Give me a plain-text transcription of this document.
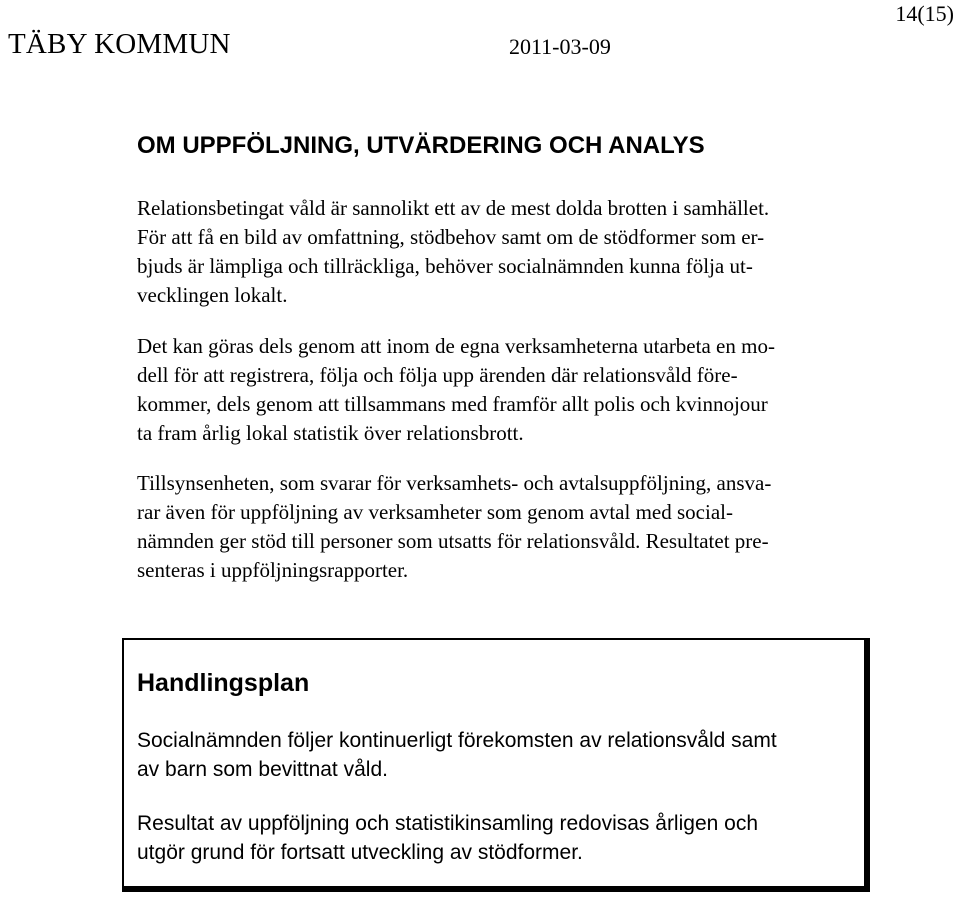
TÄBY KOMMUN	2011-03-09
14(15)
OM UPPFÖLJNING, UTVÄRDERING OCH ANALYS

Relationsbetingat våld är sannolikt ett av de mest dolda brotten i samhället.
För att få en bild av omfattning, stödbehov samt om de stödformer som er-
bjuds är lämpliga och tillräckliga, behöver socialnämnden kunna följa ut-
vecklingen lokalt.

Det kan göras dels genom att inom de egna verksamheterna utarbeta en mo-
dell för att registrera, följa och följa upp ärenden där relationsvåld före-
kommer, dels genom att tillsammans med framför allt polis och kvinnojour
ta fram årlig lokal statistik över relationsbrott.

Tillsynsenheten, som svarar för verksamhets- och avtalsuppföljning, ansva-
rar även för uppföljning av verksamheter som genom avtal med social-
nämnden ger stöd till personer som utsatts för relationsvåld. Resultatet pre-
senteras i uppföljningsrapporter.

Handlingsplan

Socialnämnden följer kontinuerligt förekomsten av relationsvåld samt
av barn som bevittnat våld.

Resultat av uppföljning och statistikinsamling redovisas årligen och
utgör grund för fortsatt utveckling av stödformer.
